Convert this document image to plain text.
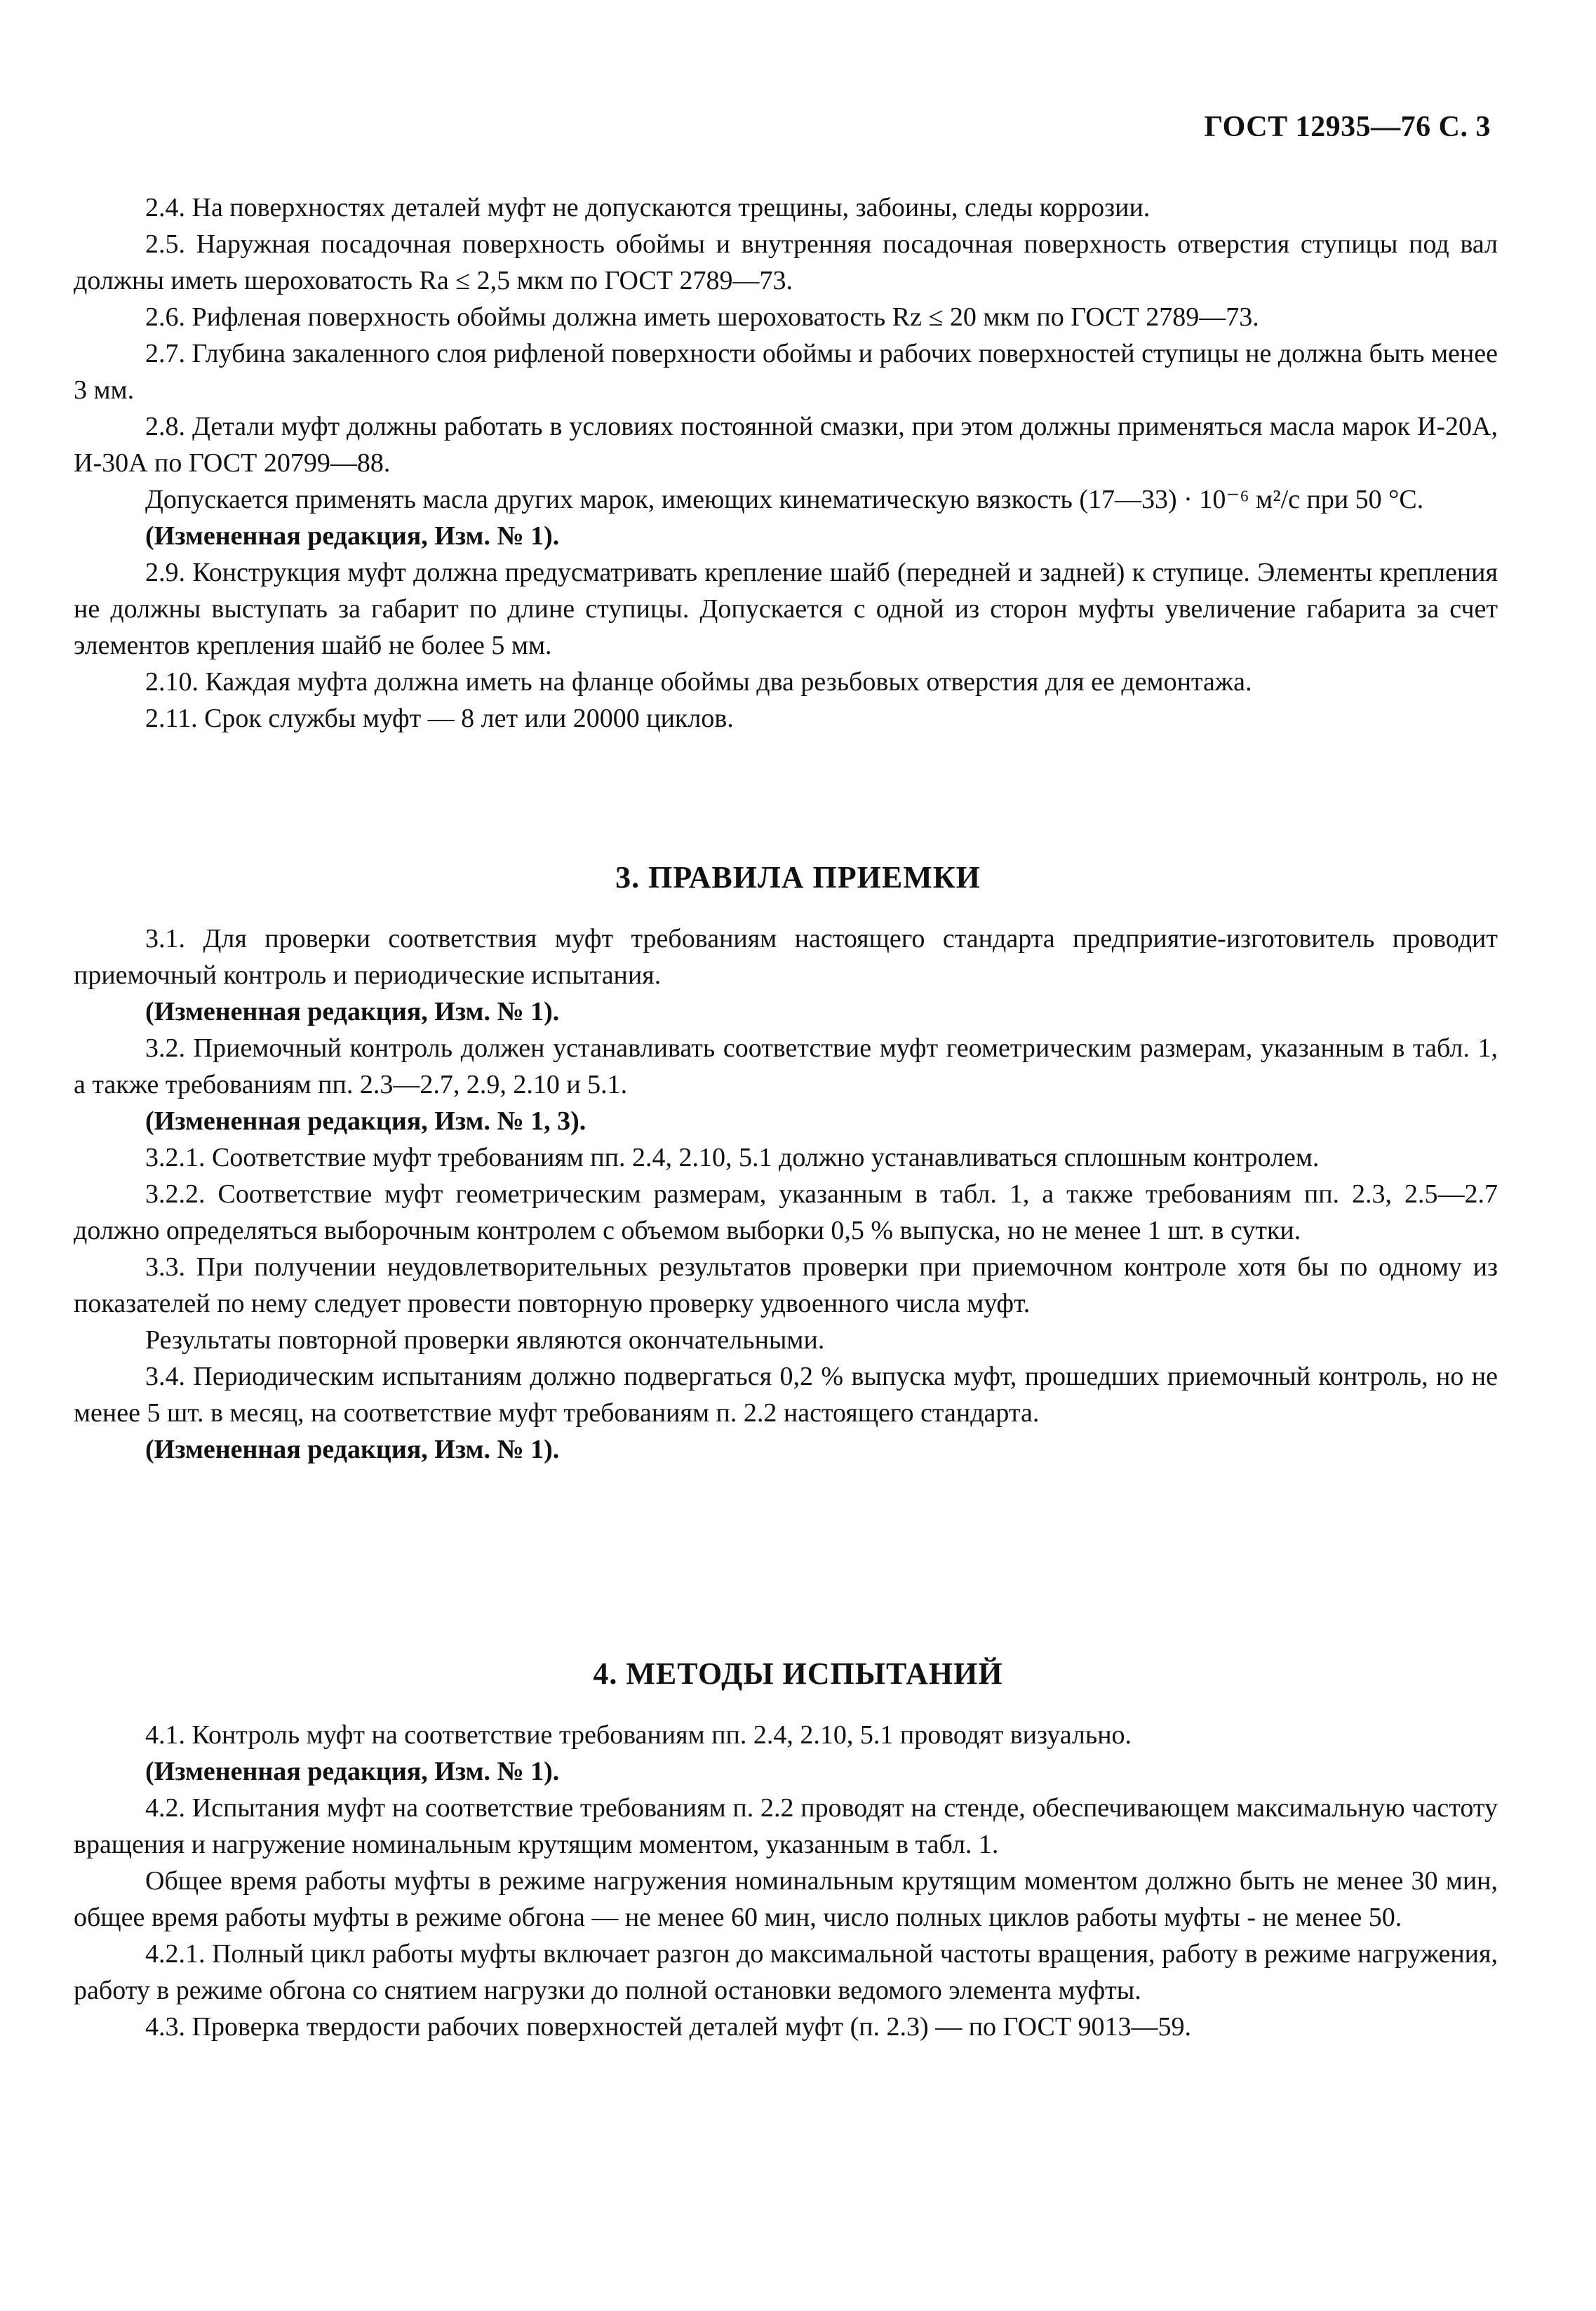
ГОСТ 12935—76 С. 3

2.4. На поверхностях деталей муфт не допускаются трещины, забоины, следы коррозии.

2.5. Наружная посадочная поверхность обоймы и внутренняя посадочная поверхность отверстия ступицы под вал должны иметь шероховатость Ra ≤ 2,5 мкм по ГОСТ 2789—73.

2.6. Рифленая поверхность обоймы должна иметь шероховатость Rz ≤ 20 мкм по ГОСТ 2789—73.

2.7. Глубина закаленного слоя рифленой поверхности обоймы и рабочих поверхностей ступицы не должна быть менее 3 мм.

2.8. Детали муфт должны работать в условиях постоянной смазки, при этом должны применяться масла марок И-20А, И-30А по ГОСТ 20799—88.

Допускается применять масла других марок, имеющих кинематическую вязкость (17—33) · 10⁻⁶ м²/с при 50 °С.

(Измененная редакция, Изм. № 1).

2.9. Конструкция муфт должна предусматривать крепление шайб (передней и задней) к ступице. Элементы крепления не должны выступать за габарит по длине ступицы. Допускается с одной из сторон муфты увеличение габарита за счет элементов крепления шайб не более 5 мм.

2.10. Каждая муфта должна иметь на фланце обоймы два резьбовых отверстия для ее демонтажа.

2.11. Срок службы муфт — 8 лет или 20000 циклов.

3. ПРАВИЛА ПРИЕМКИ

3.1. Для проверки соответствия муфт требованиям настоящего стандарта предприятие-изготовитель проводит приемочный контроль и периодические испытания.

(Измененная редакция, Изм. № 1).

3.2. Приемочный контроль должен устанавливать соответствие муфт геометрическим размерам, указанным в табл. 1, а также требованиям пп. 2.3—2.7, 2.9, 2.10 и 5.1.

(Измененная редакция, Изм. № 1, 3).

3.2.1. Соответствие муфт требованиям пп. 2.4, 2.10, 5.1 должно устанавливаться сплошным контролем.

3.2.2. Соответствие муфт геометрическим размерам, указанным в табл. 1, а также требованиям пп. 2.3, 2.5—2.7 должно определяться выборочным контролем с объемом выборки 0,5 % выпуска, но не менее 1 шт. в сутки.

3.3. При получении неудовлетворительных результатов проверки при приемочном контроле хотя бы по одному из показателей по нему следует провести повторную проверку удвоенного числа муфт.

Результаты повторной проверки являются окончательными.

3.4. Периодическим испытаниям должно подвергаться 0,2 % выпуска муфт, прошедших приемочный контроль, но не менее 5 шт. в месяц, на соответствие муфт требованиям п. 2.2 настоящего стандарта.

(Измененная редакция, Изм. № 1).

4. МЕТОДЫ ИСПЫТАНИЙ

4.1. Контроль муфт на соответствие требованиям пп. 2.4, 2.10, 5.1 проводят визуально.

(Измененная редакция, Изм. № 1).

4.2. Испытания муфт на соответствие требованиям п. 2.2 проводят на стенде, обеспечивающем максимальную частоту вращения и нагружение номинальным крутящим моментом, указанным в табл. 1.

Общее время работы муфты в режиме нагружения номинальным крутящим моментом должно быть не менее 30 мин, общее время работы муфты в режиме обгона — не менее 60 мин, число полных циклов работы муфты - не менее 50.

4.2.1. Полный цикл работы муфты включает разгон до максимальной частоты вращения, работу в режиме нагружения, работу в режиме обгона со снятием нагрузки до полной остановки ведомого элемента муфты.

4.3. Проверка твердости рабочих поверхностей деталей муфт (п. 2.3) — по ГОСТ 9013—59.
